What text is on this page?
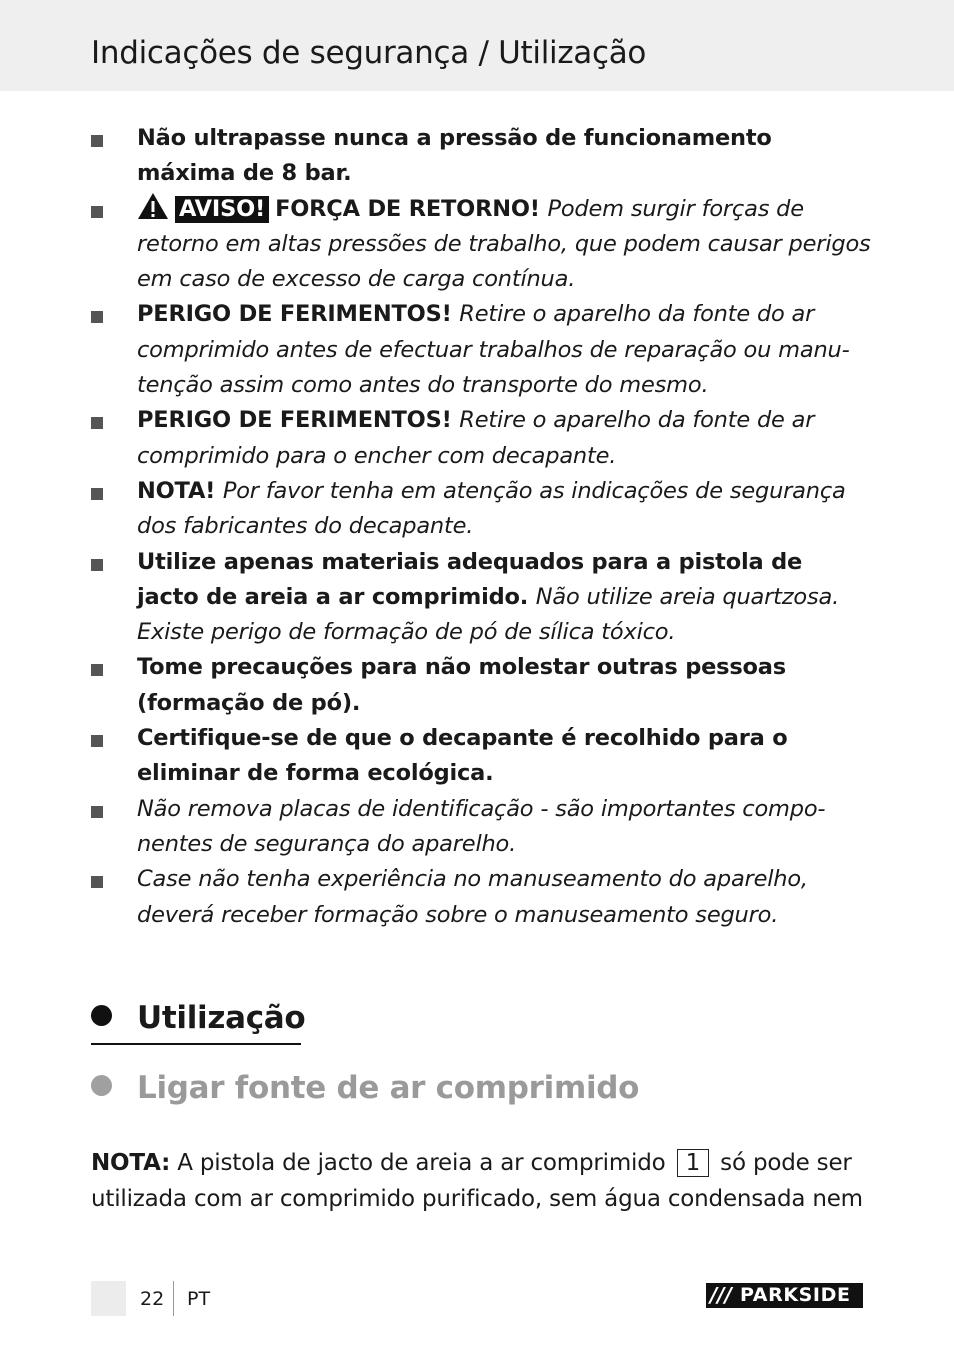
Indicações de segurança / Utilização
Não ultrapasse nunca a pressão de funcionamento máxima de 8 bar.
AVISO! FORÇA DE RETORNO! Podem surgir forças de retorno em altas pressões de trabalho, que podem causar perigos em caso de excesso de carga contínua.
PERIGO DE FERIMENTOS! Retire o aparelho da fonte do ar comprimido antes de efectuar trabalhos de reparação ou manu-tenção assim como antes do transporte do mesmo.
PERIGO DE FERIMENTOS! Retire o aparelho da fonte de ar comprimido para o encher com decapante.
NOTA! Por favor tenha em atenção as indicações de segurança dos fabricantes do decapante.
Utilize apenas materiais adequados para a pistola de jacto de areia a ar comprimido. Não utilize areia quartzosa. Existe perigo de formação de pó de sílica tóxico.
Tome precauções para não molestar outras pessoas (formação de pó).
Certifique-se de que o decapante é recolhido para o eliminar de forma ecológica.
Não remova placas de identificação - são importantes compo-nentes de segurança do aparelho.
Case não tenha experiência no manuseamento do aparelho, deverá receber formação sobre o manuseamento seguro.
Utilização
Ligar fonte de ar comprimido

NOTA: A pistola de jacto de areia a ar comprimido 1 só pode ser utilizada com ar comprimido purificado, sem água condensada nem

22 PT	/// PARKSIDE
